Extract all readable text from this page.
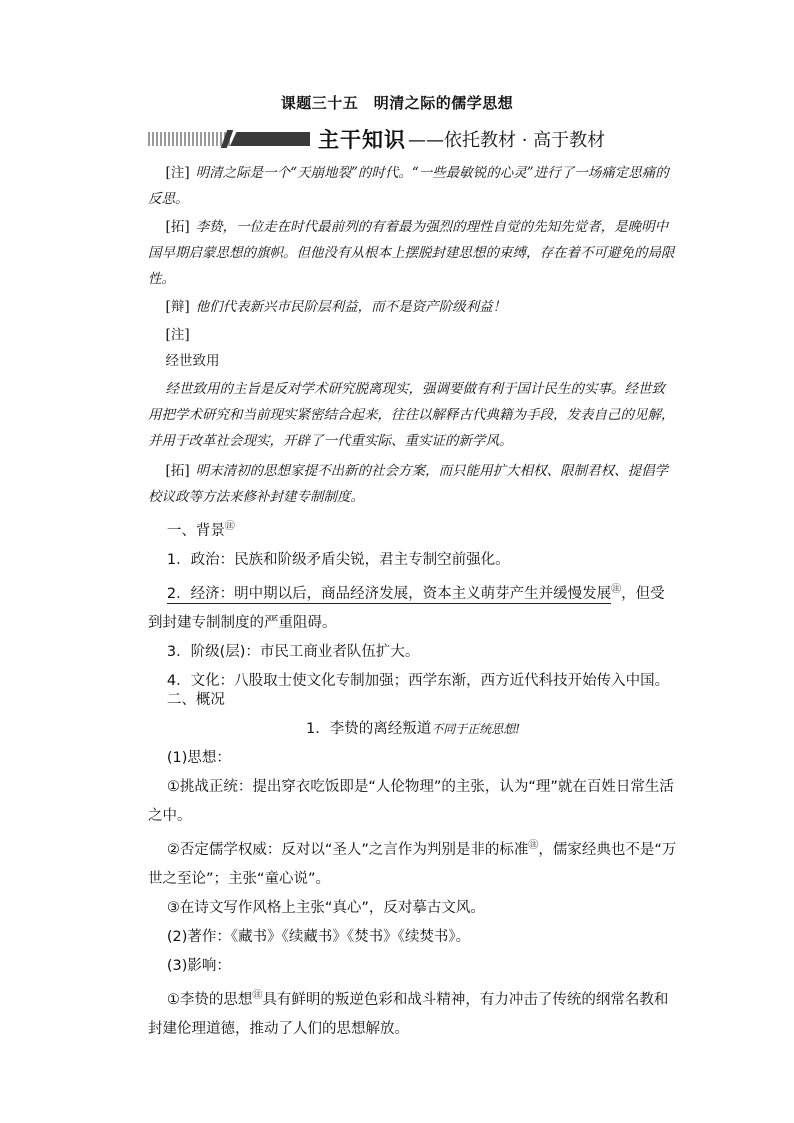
课题三十五　明清之际的儒学思想
主干知识 ——依托教材 · 高于教材

[注] 明清之际是一个“天崩地裂”的时代。“一些最敏锐的心灵”进行了一场痛定思痛的反思。

[拓] 李贽，一位走在时代最前列的有着最为强烈的理性自觉的先知先觉者，是晚明中国早期启蒙思想的旗帜。但他没有从根本上摆脱封建思想的束缚，存在着不可避免的局限性。

[辩] 他们代表新兴市民阶层利益，而不是资产阶级利益！

[注]

经世致用

经世致用的主旨是反对学术研究脱离现实，强调要做有利于国计民生的实事。经世致用把学术研究和当前现实紧密结合起来，往往以解释古代典籍为手段，发表自己的见解，并用于改革社会现实，开辟了一代重实际、重实证的新学风。

[拓] 明末清初的思想家提不出新的社会方案，而只能用扩大相权、限制君权、提倡学校议政等方法来修补封建专制制度。

一、背景㊟

1．政治：民族和阶级矛盾尖锐，君主专制空前强化。

2．经济：明中期以后，商品经济发展，资本主义萌芽产生并缓慢发展㊟，但受到封建专制制度的严重阻碍。

3．阶级(层)：市民工商业者队伍扩大。

4．文化：八股取士使文化专制加强；西学东渐，西方近代科技开始传入中国。

二、概况

1．李贽的离经叛道不同于正统思想!

(1)思想：

①挑战正统：提出穿衣吃饭即是“人伦物理”的主张，认为“理”就在百姓日常生活之中。

②否定儒学权威：反对以“圣人”之言作为判别是非的标准㊟，儒家经典也不是“万世之至论”；主张“童心说”。

③在诗文写作风格上主张“真心”，反对摹古文风。

(2)著作：《藏书》《续藏书》《焚书》《续焚书》。

(3)影响：

①李贽的思想㊟具有鲜明的叛逆色彩和战斗精神，有力冲击了传统的纲常名教和封建伦理道德，推动了人们的思想解放。
